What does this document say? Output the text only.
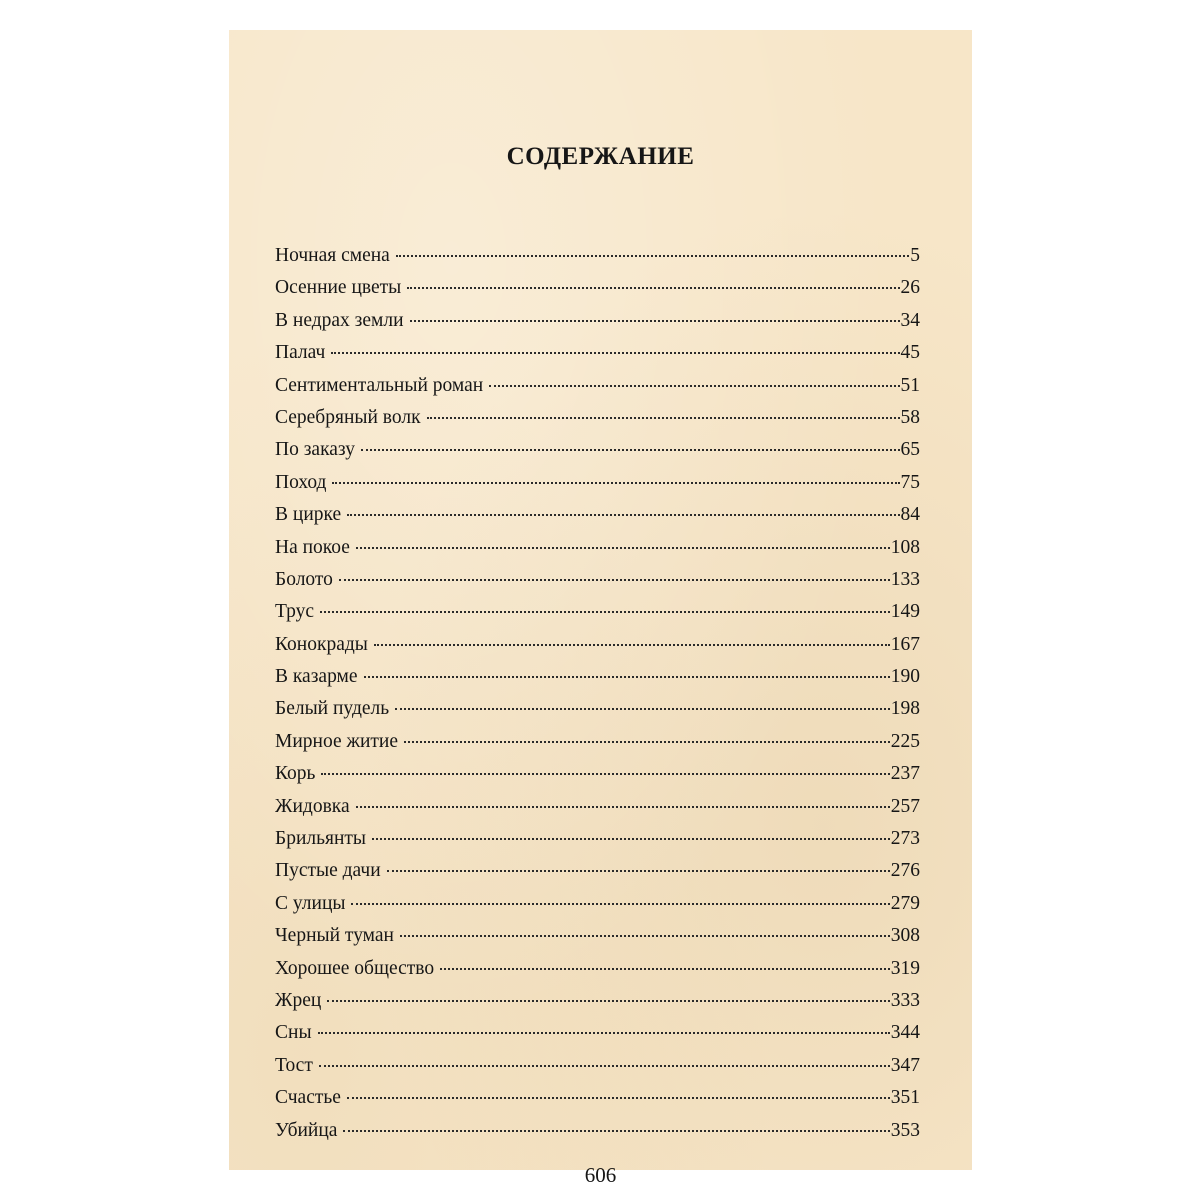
СОДЕРЖАНИЕ
Ночная смена	5
Осенние цветы	26
В недрах земли	34
Палач	45
Сентиментальный роман	51
Серебряный волк	58
По заказу	65
Поход	75
В цирке	84
На покое	108
Болото	133
Трус	149
Конокрады	167
В казарме	190
Белый пудель	198
Мирное житие	225
Корь	237
Жидовка	257
Брильянты	273
Пустые дачи	276
С улицы	279
Черный туман	308
Хорошее общество	319
Жрец	333
Сны	344
Тост	347
Счастье	351
Убийца	353
606
